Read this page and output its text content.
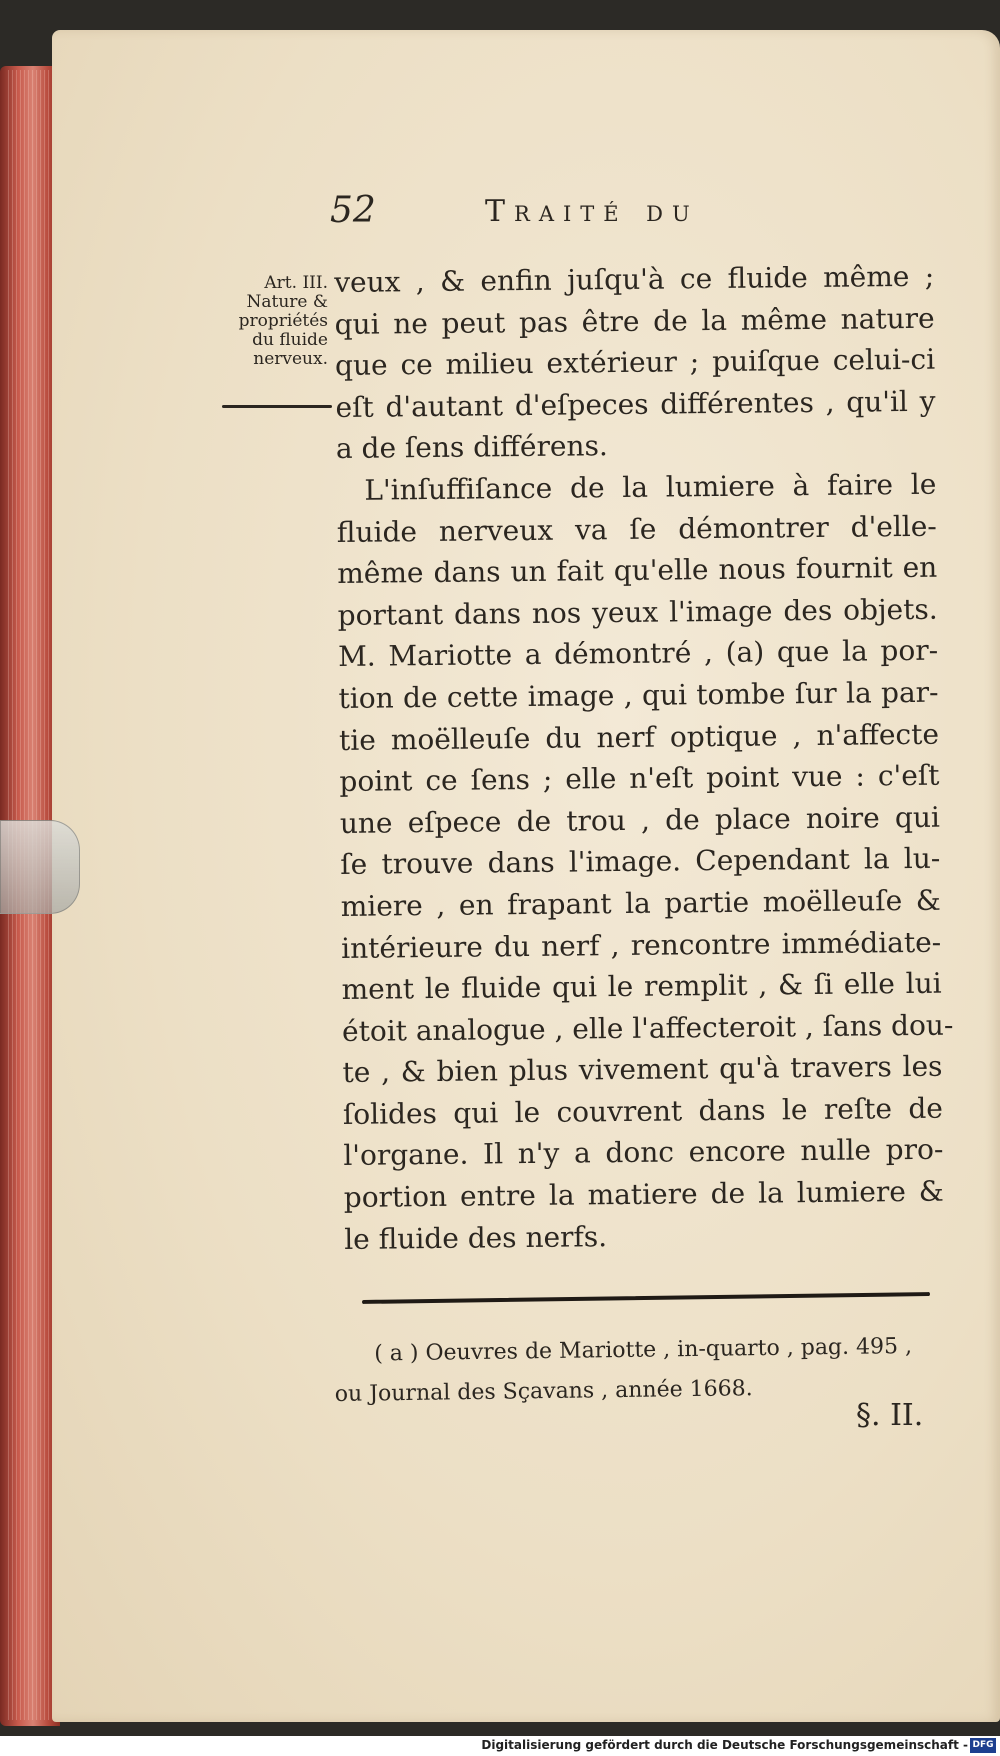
52	Traité du

Art. III.
Nature &
propriétés
du fluide
nerveux.
veux , & enfin juſqu'à ce fluide même ;
qui ne peut pas être de la même nature
que ce milieu extérieur ; puiſque celui-ci
eſt d'autant d'eſpeces différentes , qu'il y
a de ſens différens.
L'inſuffiſance de la lumiere à faire le
fluide nerveux va ſe démontrer d'elle-
même dans un fait qu'elle nous fournit en
portant dans nos yeux l'image des objets.
M. Mariotte a démontré , (a) que la por-
tion de cette image , qui tombe ſur la par-
tie moëlleuſe du nerf optique , n'affecte
point ce ſens ; elle n'eſt point vue : c'eſt
une eſpece de trou , de place noire qui
ſe trouve dans l'image. Cependant la lu-
miere , en frapant la partie moëlleuſe &
intérieure du nerf , rencontre immédiate-
ment le fluide qui le remplit , & ſi elle lui
étoit analogue , elle l'affecteroit , ſans dou-
te , & bien plus vivement qu'à travers les
ſolides qui le couvrent dans le reſte de
l'organe. Il n'y a donc encore nulle pro-
portion entre la matiere de la lumiere &
le fluide des nerfs.
( a ) Oeuvres de Mariotte , in-quarto , pag. 495 ,
ou Journal des Sçavans , année 1668.

§. II.

Digitalisierung gefördert durch die Deutsche Forschungsgemeinschaft - DFG
